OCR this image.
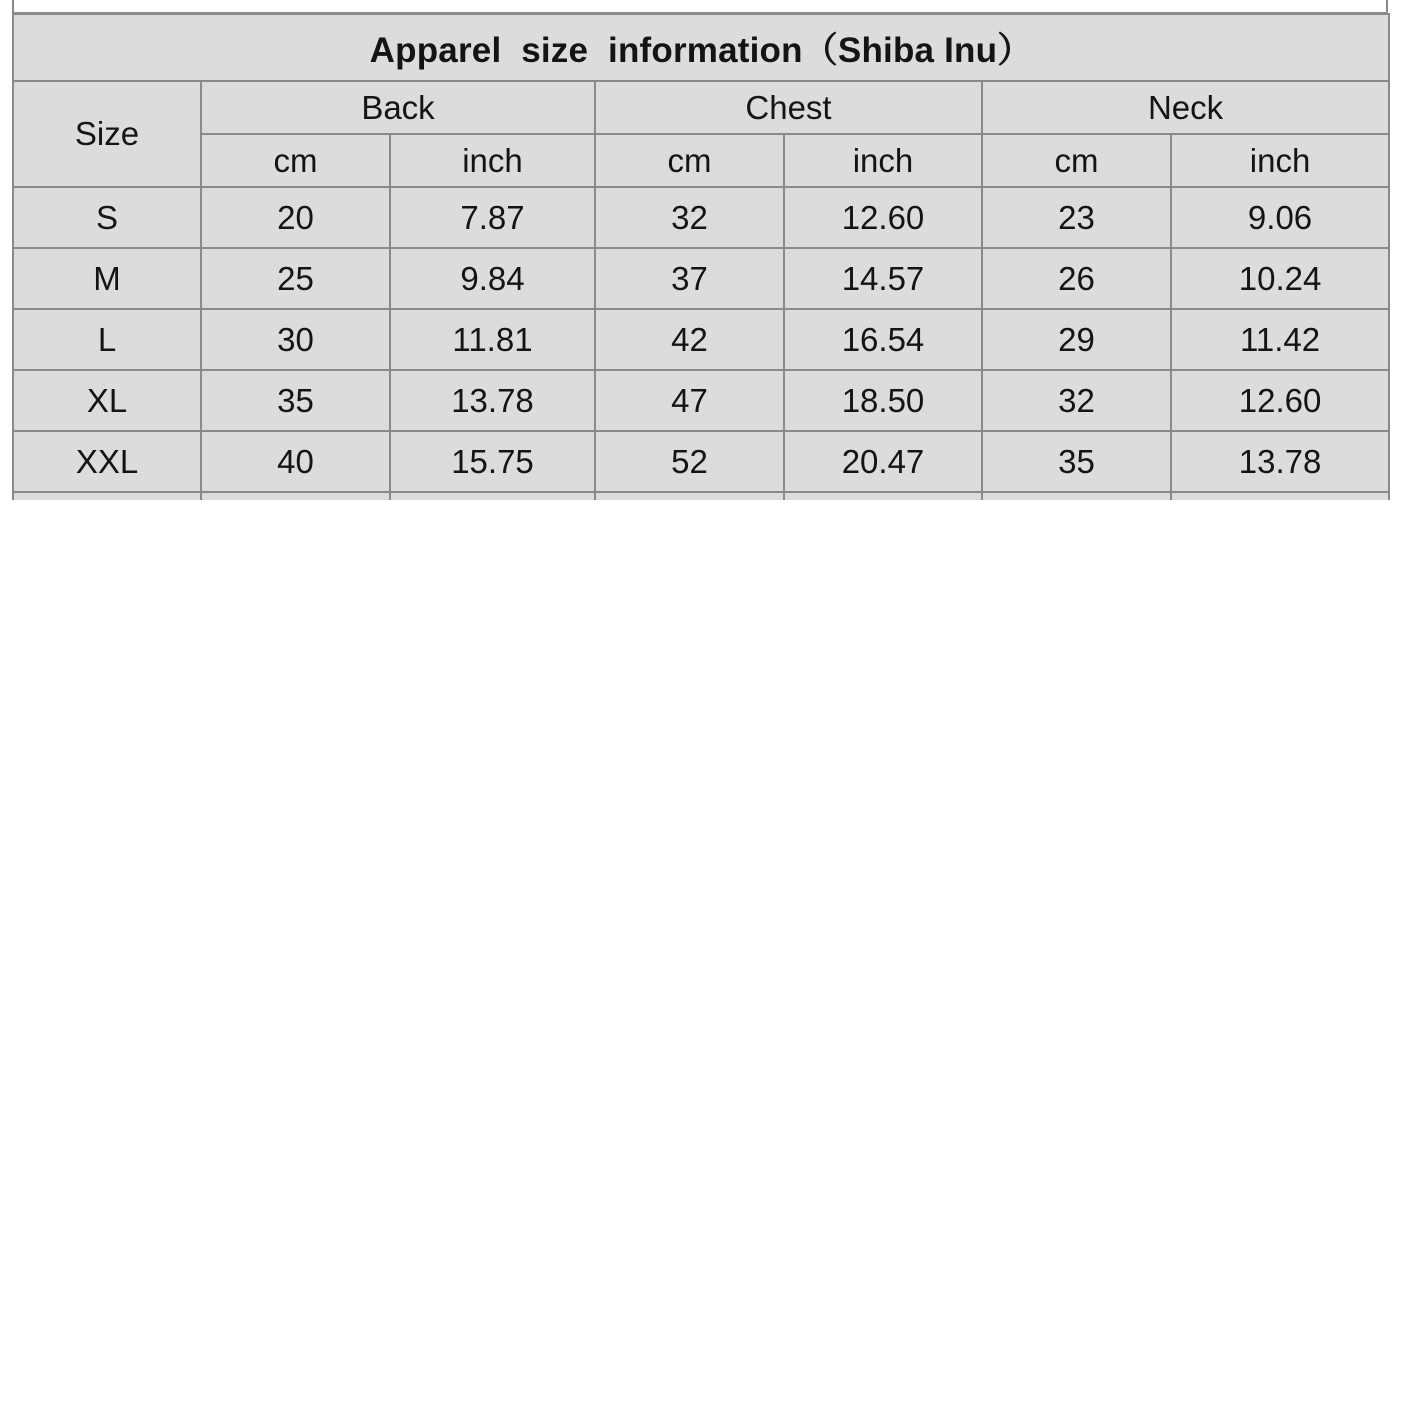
Apparel  size  information（Shiba Inu）						
Size	Back		Chest		Neck	
	cm	inch	cm	inch	cm	inch
S	20	7.87	32	12.60	23	9.06
M	25	9.84	37	14.57	26	10.24
L	30	11.81	42	16.54	29	11.42
XL	35	13.78	47	18.50	32	12.60
XXL	40	15.75	52	20.47	35	13.78
